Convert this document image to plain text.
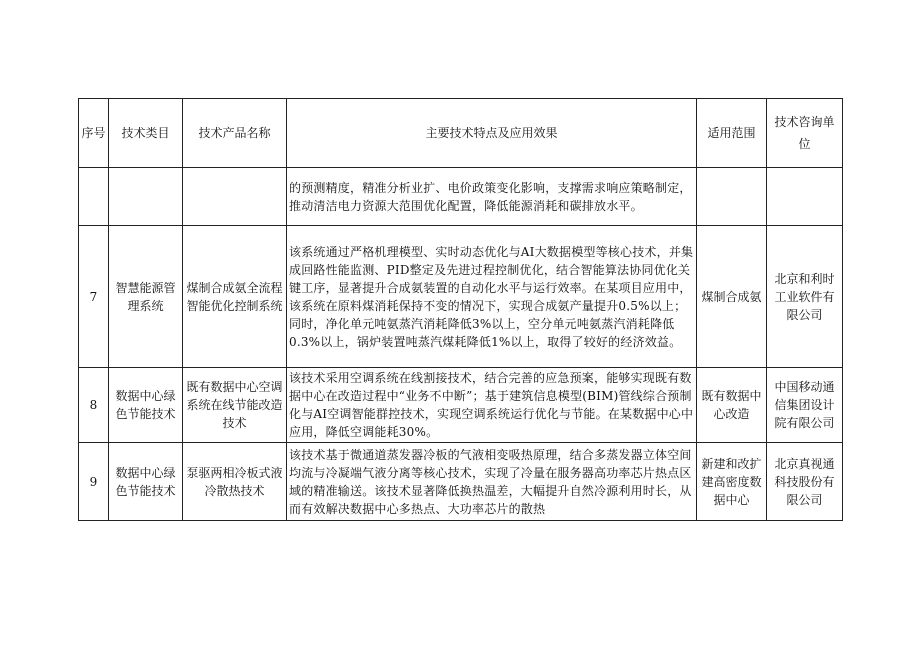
序号	技术类目	技术产品名称	主要技术特点及应用效果	适用范围	技术咨询单位
			的预测精度，精准分析业扩、电价政策变化影响，支撑需求响应策略制定，推动清洁电力资源大范围优化配置，降低能源消耗和碳排放水平。		
7	智慧能源管理系统	煤制合成氨全流程智能优化控制系统	该系统通过严格机理模型、实时动态优化与AI大数据模型等核心技术，并集成回路性能监测、PID整定及先进过程控制优化，结合智能算法协同优化关键工序，显著提升合成氨装置的自动化水平与运行效率。在某项目应用中，该系统在原料煤消耗保持不变的情况下，实现合成氨产量提升0.5%以上；同时，净化单元吨氨蒸汽消耗降低3%以上，空分单元吨氨蒸汽消耗降低0.3%以上，锅炉装置吨蒸汽煤耗降低1%以上，取得了较好的经济效益。	煤制合成氨	北京和利时工业软件有限公司
8	数据中心绿色节能技术	既有数据中心空调系统在线节能改造技术	该技术采用空调系统在线割接技术，结合完善的应急预案，能够实现既有数据中心在改造过程中“业务不中断”；基于建筑信息模型(BIM)管线综合预制化与AI空调智能群控技术，实现空调系统运行优化与节能。在某数据中心中应用，降低空调能耗30%。	既有数据中心改造	中国移动通信集团设计院有限公司
9	数据中心绿色节能技术	泵驱两相冷板式液冷散热技术	该技术基于微通道蒸发器冷板的气液相变吸热原理，结合多蒸发器立体空间均流与冷凝端气液分离等核心技术，实现了冷量在服务器高功率芯片热点区域的精准输送。该技术显著降低换热温差，大幅提升自然冷源利用时长，从而有效解决数据中心多热点、大功率芯片的散热	新建和改扩建高密度数据中心	北京真视通科技股份有限公司
